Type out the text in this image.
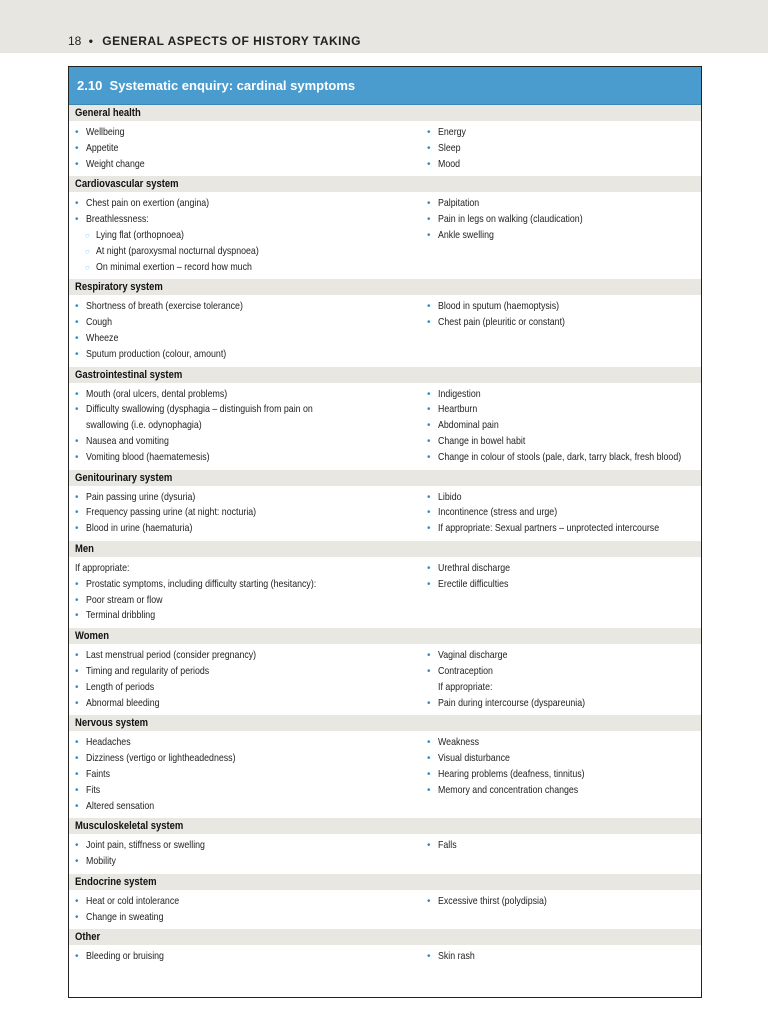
18 • GENERAL ASPECTS OF HISTORY TAKING
2.10  Systematic enquiry: cardinal symptoms
General health
• Wellbeing
• Appetite
• Weight change
• Energy
• Sleep
• Mood
Cardiovascular system
• Chest pain on exertion (angina)
• Breathlessness:
○ Lying flat (orthopnoea)
○ At night (paroxysmal nocturnal dyspnoea)
○ On minimal exertion – record how much
• Palpitation
• Pain in legs on walking (claudication)
• Ankle swelling
Respiratory system
• Shortness of breath (exercise tolerance)
• Cough
• Wheeze
• Sputum production (colour, amount)
• Blood in sputum (haemoptysis)
• Chest pain (pleuritic or constant)
Gastrointestinal system
• Mouth (oral ulcers, dental problems)
• Difficulty swallowing (dysphagia – distinguish from pain on
swallowing (i.e. odynophagia)
• Nausea and vomiting
• Vomiting blood (haematemesis)
• Indigestion
• Heartburn
• Abdominal pain
• Change in bowel habit
• Change in colour of stools (pale, dark, tarry black, fresh blood)
Genitourinary system
• Pain passing urine (dysuria)
• Frequency passing urine (at night: nocturia)
• Blood in urine (haematuria)
• Libido
• Incontinence (stress and urge)
• If appropriate: Sexual partners – unprotected intercourse
Men
If appropriate:
• Prostatic symptoms, including difficulty starting (hesitancy):
• Poor stream or flow
• Terminal dribbling
• Urethral discharge
• Erectile difficulties
Women
• Last menstrual period (consider pregnancy)
• Timing and regularity of periods
• Length of periods
• Abnormal bleeding
• Vaginal discharge
• Contraception
If appropriate:
• Pain during intercourse (dyspareunia)
Nervous system
• Headaches
• Dizziness (vertigo or lightheadedness)
• Faints
• Fits
• Altered sensation
• Weakness
• Visual disturbance
• Hearing problems (deafness, tinnitus)
• Memory and concentration changes
Musculoskeletal system
• Joint pain, stiffness or swelling
• Mobility
• Falls
Endocrine system
• Heat or cold intolerance
• Change in sweating
• Excessive thirst (polydipsia)
Other
• Bleeding or bruising	• Skin rash
